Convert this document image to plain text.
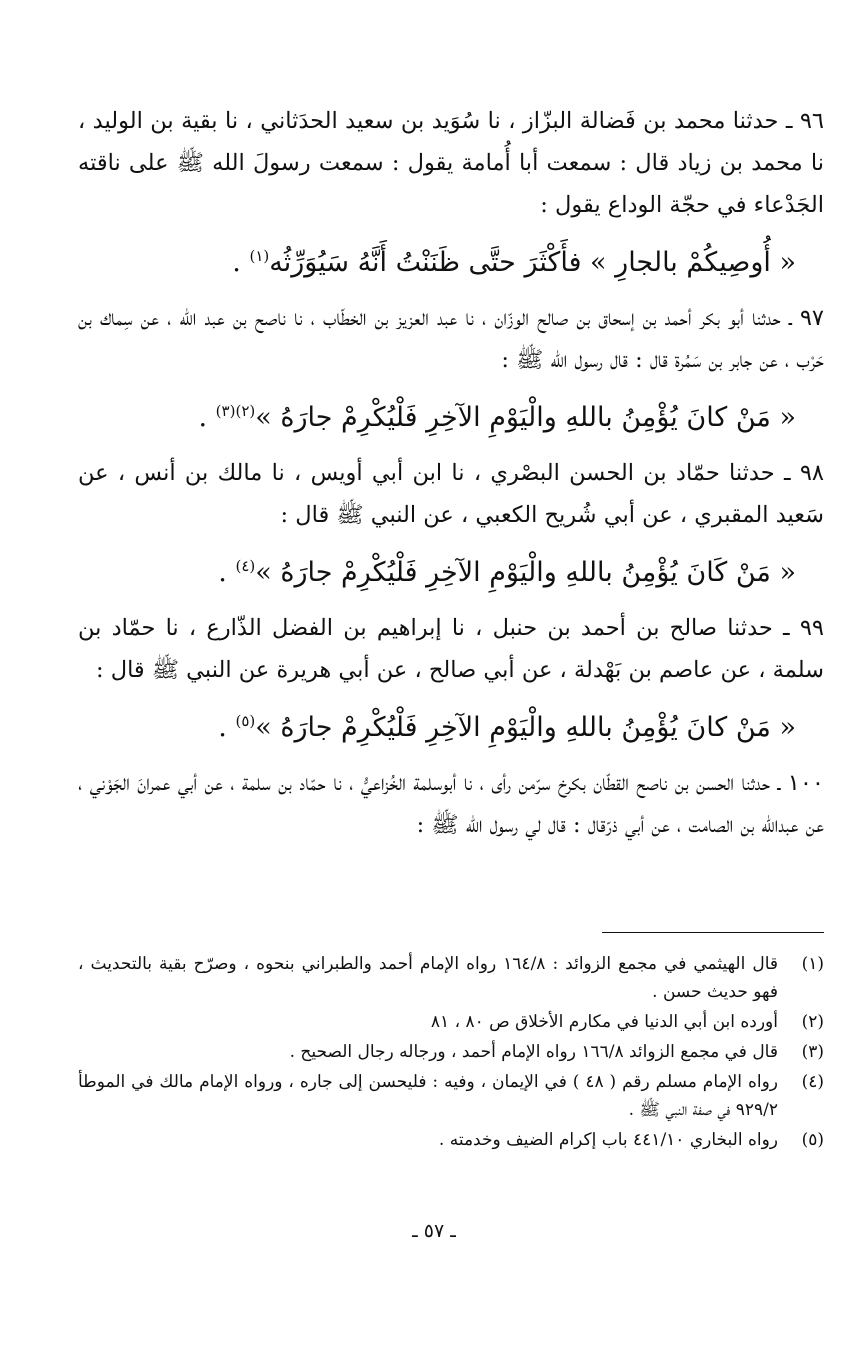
٩٦ ـ حدثنا محمد بن فَضالة البزّاز ، نا سُوَيد بن سعيد الحدَثاني ، نا بقية بن الوليد ، نا محمد بن زياد قال : سمعت أبا أُمامة يقول : سمعت رسولَ الله ﷺ على ناقته الجَدْعاء في حجّة الوداع يقول :

« أُوصِيكُمْ بالجارِ » فأَكْثَرَ حتَّى ظَنَنْتُ أَنَّهُ سَيُوَرِّثُه$^{(١)}$ .

٩٧ ـ حدثنا أبو بكر أحمد بن إسحاق بن صالح الوزّان ، نا عبد العزيز بن الخطّاب ، نا ناصح بن عبد الله ، عن سِماك بن حَرْب ، عن جابر بن سَمُرة قال : قال رسول الله ﷺ :

« مَنْ كانَ يُؤْمِنُ باللهِ والْيَوْمِ الآخِرِ فَلْيُكْرِمْ جارَهُ »$^{(٢)(٣)}$ .

٩٨ ـ حدثنا حمّاد بن الحسن البصْري ، نا ابن أبي أويس ، نا مالك بن أنس ، عن سَعيد المقبري ، عن أبي شُريح الكعبي ، عن النبي ﷺ قال :

« مَنْ كَانَ يُؤْمِنُ باللهِ والْيَوْمِ الآخِرِ فَلْيُكْرِمْ جارَهُ »$^{(٤)}$ .

٩٩ ـ حدثنا صالح بن أحمد بن حنبل ، نا إبراهيم بن الفضل الذّارع ، نا حمّاد بن سلمة ، عن عاصم بن بَهْدلة ، عن أبي صالح ، عن أبي هريرة عن النبي ﷺ قال :

« مَنْ كانَ يُؤْمِنُ باللهِ والْيَوْمِ الآخِرِ فَلْيُكْرِمْ جارَهُ »$^{(٥)}$ .

١٠٠ ـ حدثنا الحسن بن ناصح القطّان بكرخ سرّمن رأى ، نا أبوسلمة الخُزاعيُّ ، نا حمّاد بن سلمة ، عن أبي عمرانَ الجَوْني ، عن عبدالله بن الصامت ، عن أبي ذرّقال : قال لي رسول الله ﷺ :

(١)
قال الهيثمي في مجمع الزوائد : ١٦٤/٨ رواه الإمام أحمد والطبراني بنحوه ، وصرّح بقية بالتحديث ، فهو حديث حسن .
(٢)
أورده ابن أبي الدنيا في مكارم الأخلاق ص ٨٠ ، ٨١
(٣)
قال في مجمع الزوائد ١٦٦/٨ رواه الإمام أحمد ، ورجاله رجال الصحيح .
(٤)
رواه الإمام مسلم رقم ( ٤٨ ) في الإيمان ، وفيه : فليحسن إلى جاره ، ورواه الإمام مالك في الموطأ ٩٢٩/٢ في صفة النبي ﷺ .
(٥)
رواه البخاري ٤٤١/١٠ باب إكرام الضيف وخدمته .
ـ ٥٧ ـ
